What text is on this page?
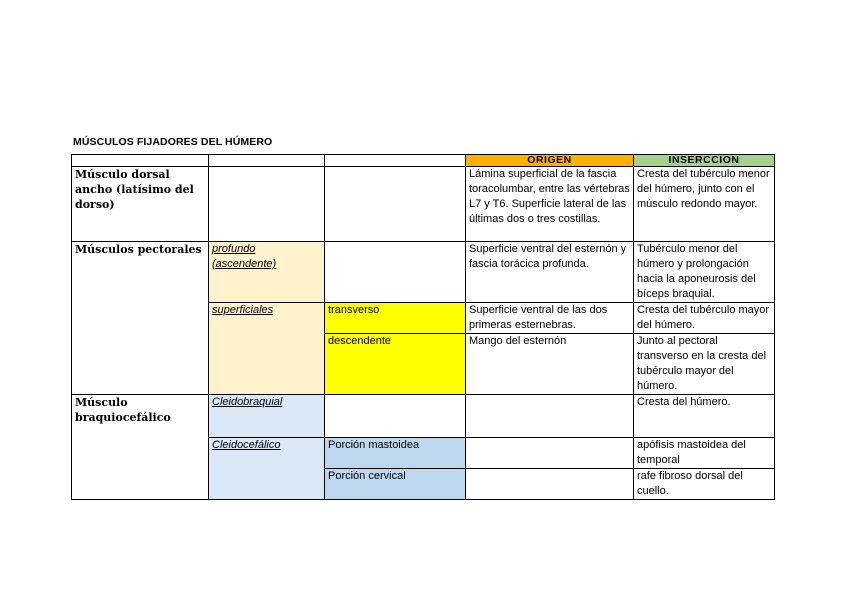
MÚSCULOS FIJADORES DEL HÚMERO
			ORIGEN	INSERCCION
Músculo dorsal ancho (latísimo del dorso)			Lámina superficial de la fascia toracolumbar, entre las vértebras L7 y T6. Superficie lateral de las últimas dos o tres costillas.	Cresta del tubérculo menor del húmero, junto con el músculo redondo mayor.
Músculos pectorales	profundo (ascendente)		Superficie ventral del esternón y fascia torácica profunda.	Tubérculo menor del húmero y prolongación hacia la aponeurosis del bíceps braquial.
	superficiales	transverso	Superficie ventral de las dos primeras esternebras.	Cresta del tubérculo mayor del húmero.
		descendente	Mango del esternón	Junto al pectoral transverso en la cresta del tubérculo mayor del húmero.
Músculo braquiocefálico	Cleidobraquial			Cresta del húmero.
	Cleidocefálico	Porción mastoidea		apófisis mastoidea del temporal
		Porción cervical		rafe fibroso dorsal del cuello.
